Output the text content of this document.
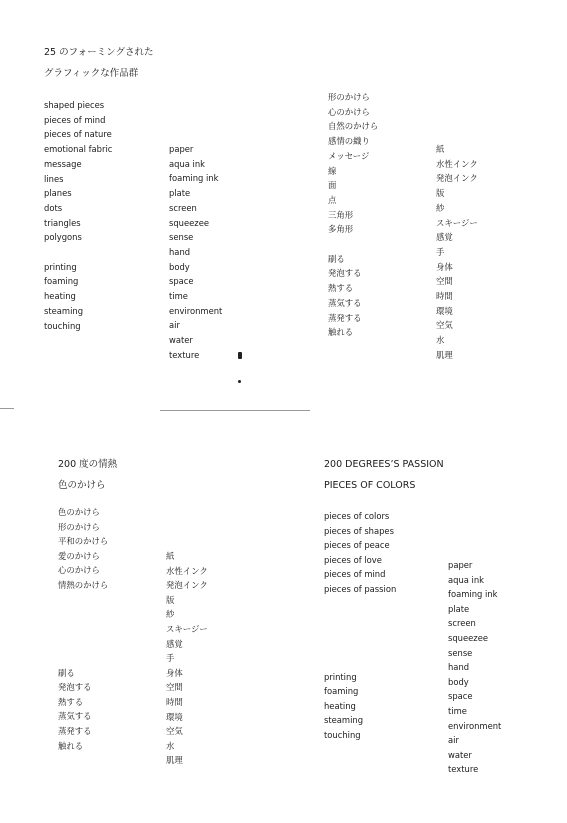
25 のフォーミングされた
グラフィックな作品群
shaped pieces
pieces of mind
pieces of nature
emotional fabric
message
lines
planes
dots
triangles
polygons

printing
foaming
heating
steaming
touching
paper
aqua ink
foaming ink
plate
screen
squeezee
sense
hand
body
space
time
environment
air
water
texture
形のかけら
心のかけら
自然のかけら
感情の織り
メッセージ
線
面
点
三角形
多角形

刷る
発泡する
熱する
蒸気する
蒸発する
触れる
紙
水性インク
発泡インク
版
紗
スキージー
感覚
手
身体
空間
時間
環境
空気
水
肌理
200 度の情熱
色のかけら
色のかけら
形のかけら
平和のかけら
愛のかけら
心のかけら
情熱のかけら

刷る
発泡する
熱する
蒸気する
蒸発する
触れる
紙
水性インク
発泡インク
版
紗
スキージー
感覚
手
身体
空間
時間
環境
空気
水
肌理
200 DEGREES’S PASSION
PIECES OF COLORS
pieces of colors
pieces of shapes
pieces of peace
pieces of love
pieces of mind
pieces of passion

printing
foaming
heating
steaming
touching
paper
aqua ink
foaming ink
plate
screen
squeezee
sense
hand
body
space
time
environment
air
water
texture
